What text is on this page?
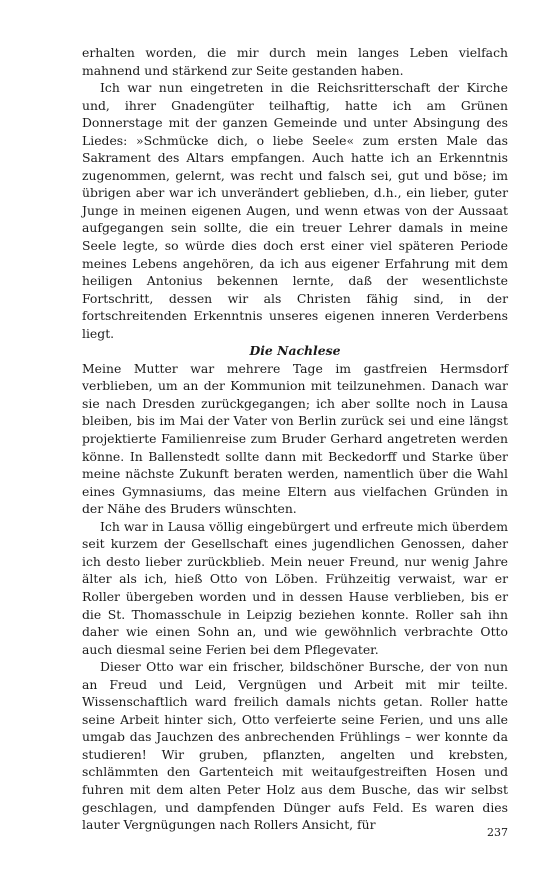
erhalten worden, die mir durch mein langes Leben vielfach mahnend und stärkend zur Seite gestanden haben.

Ich war nun eingetreten in die Reichsritterschaft der Kirche und, ihrer Gnadengüter teilhaftig, hatte ich am Grünen Donnerstage mit der ganzen Gemeinde und unter Absingung des Liedes: »Schmücke dich, o liebe Seele« zum ersten Male das Sakrament des Altars empfangen. Auch hatte ich an Erkenntnis zugenommen, gelernt, was recht und falsch sei, gut und böse; im übrigen aber war ich unverändert geblieben, d.h., ein lieber, guter Junge in meinen eigenen Augen, und wenn etwas von der Aussaat aufgegangen sein sollte, die ein treuer Lehrer damals in meine Seele legte, so würde dies doch erst einer viel späteren Periode meines Lebens angehören, da ich aus eigener Erfahrung mit dem heiligen Antonius bekennen lernte, daß der wesentlichste Fortschritt, dessen wir als Christen fähig sind, in der fortschreitenden Erkenntnis unseres eigenen inneren Verderbens liegt.

Die Nachlese

Meine Mutter war mehrere Tage im gastfreien Hermsdorf verblieben, um an der Kommunion mit teilzunehmen. Danach war sie nach Dresden zurückgegangen; ich aber sollte noch in Lausa bleiben, bis im Mai der Vater von Berlin zurück sei und eine längst projektierte Familienreise zum Bruder Gerhard angetreten werden könne. In Ballenstedt sollte dann mit Beckedorff und Starke über meine nächste Zukunft beraten werden, namentlich über die Wahl eines Gymnasiums, das meine Eltern aus vielfachen Gründen in der Nähe des Bruders wünschten.

Ich war in Lausa völlig eingebürgert und erfreute mich überdem seit kurzem der Gesellschaft eines jugendlichen Genossen, daher ich desto lieber zurückblieb. Mein neuer Freund, nur wenig Jahre älter als ich, hieß Otto von Löben. Frühzeitig verwaist, war er Roller übergeben worden und in dessen Hause verblieben, bis er die St. Thomasschule in Leipzig beziehen konnte. Roller sah ihn daher wie einen Sohn an, und wie gewöhnlich verbrachte Otto auch diesmal seine Ferien bei dem Pflegevater.

Dieser Otto war ein frischer, bildschöner Bursche, der von nun an Freud und Leid, Vergnügen und Arbeit mit mir teilte. Wissenschaftlich ward freilich damals nichts getan. Roller hatte seine Arbeit hinter sich, Otto verfeierte seine Ferien, und uns alle umgab das Jauchzen des anbrechenden Frühlings – wer konnte da studieren! Wir gruben, pflanzten, angelten und krebsten, schlämmten den Gartenteich mit weitaufgestreiften Hosen und fuhren mit dem alten Peter Holz aus dem Busche, das wir selbst geschlagen, und dampfenden Dünger aufs Feld. Es waren dies lauter Vergnügungen nach Rollers Ansicht, für

237
